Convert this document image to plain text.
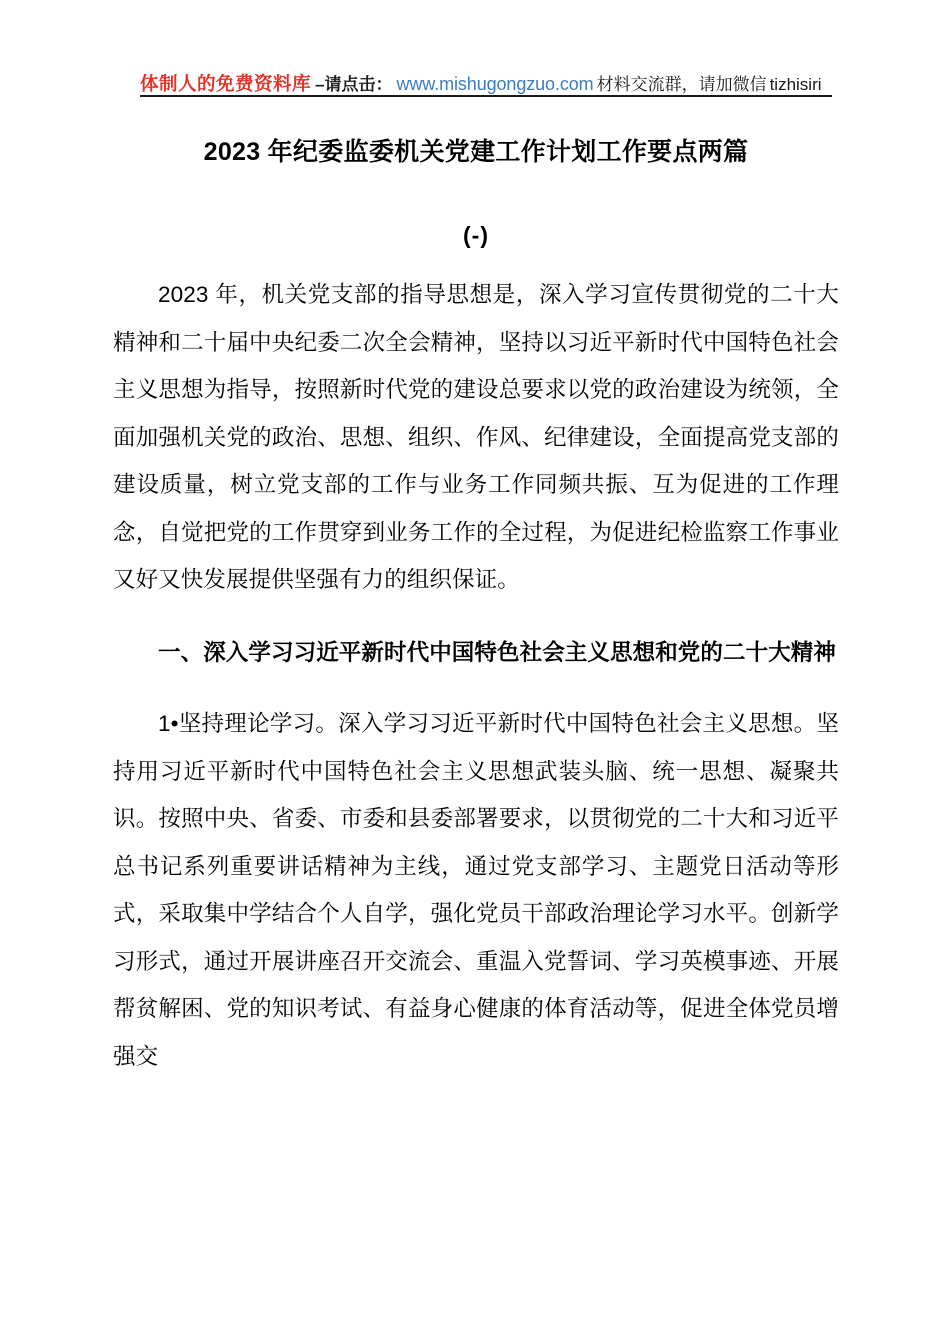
体制人的免费资料库 –请点击： www.mishugongzuo.com 材料交流群，请加微信 tizhisiri
2023 年纪委监委机关党建工作计划工作要点两篇
(-)

2023 年，机关党支部的指导思想是，深入学习宣传贯彻党的二十大精神和二十届中央纪委二次全会精神，坚持以习近平新时代中国特色社会主义思想为指导，按照新时代党的建设总要求以党的政治建设为统领，全面加强机关党的政治、思想、组织、作风、纪律建设，全面提高党支部的建设质量，树立党支部的工作与业务工作同频共振、互为促进的工作理念，自觉把党的工作贯穿到业务工作的全过程，为促进纪检监察工作事业又好又快发展提供坚强有力的组织保证。

一、深入学习习近平新时代中国特色社会主义思想和党的二十大精神

1•坚持理论学习。深入学习习近平新时代中国特色社会主义思想。坚持用习近平新时代中国特色社会主义思想武装头脑、统一思想、凝聚共识。按照中央、省委、市委和县委部署要求，以贯彻党的二十大和习近平总书记系列重要讲话精神为主线，通过党支部学习、主题党日活动等形式，采取集中学结合个人自学，强化党员干部政治理论学习水平。创新学习形式，通过开展讲座召开交流会、重温入党誓词、学习英模事迹、开展帮贫解困、党的知识考试、有益身心健康的体育活动等，促进全体党员增强交
